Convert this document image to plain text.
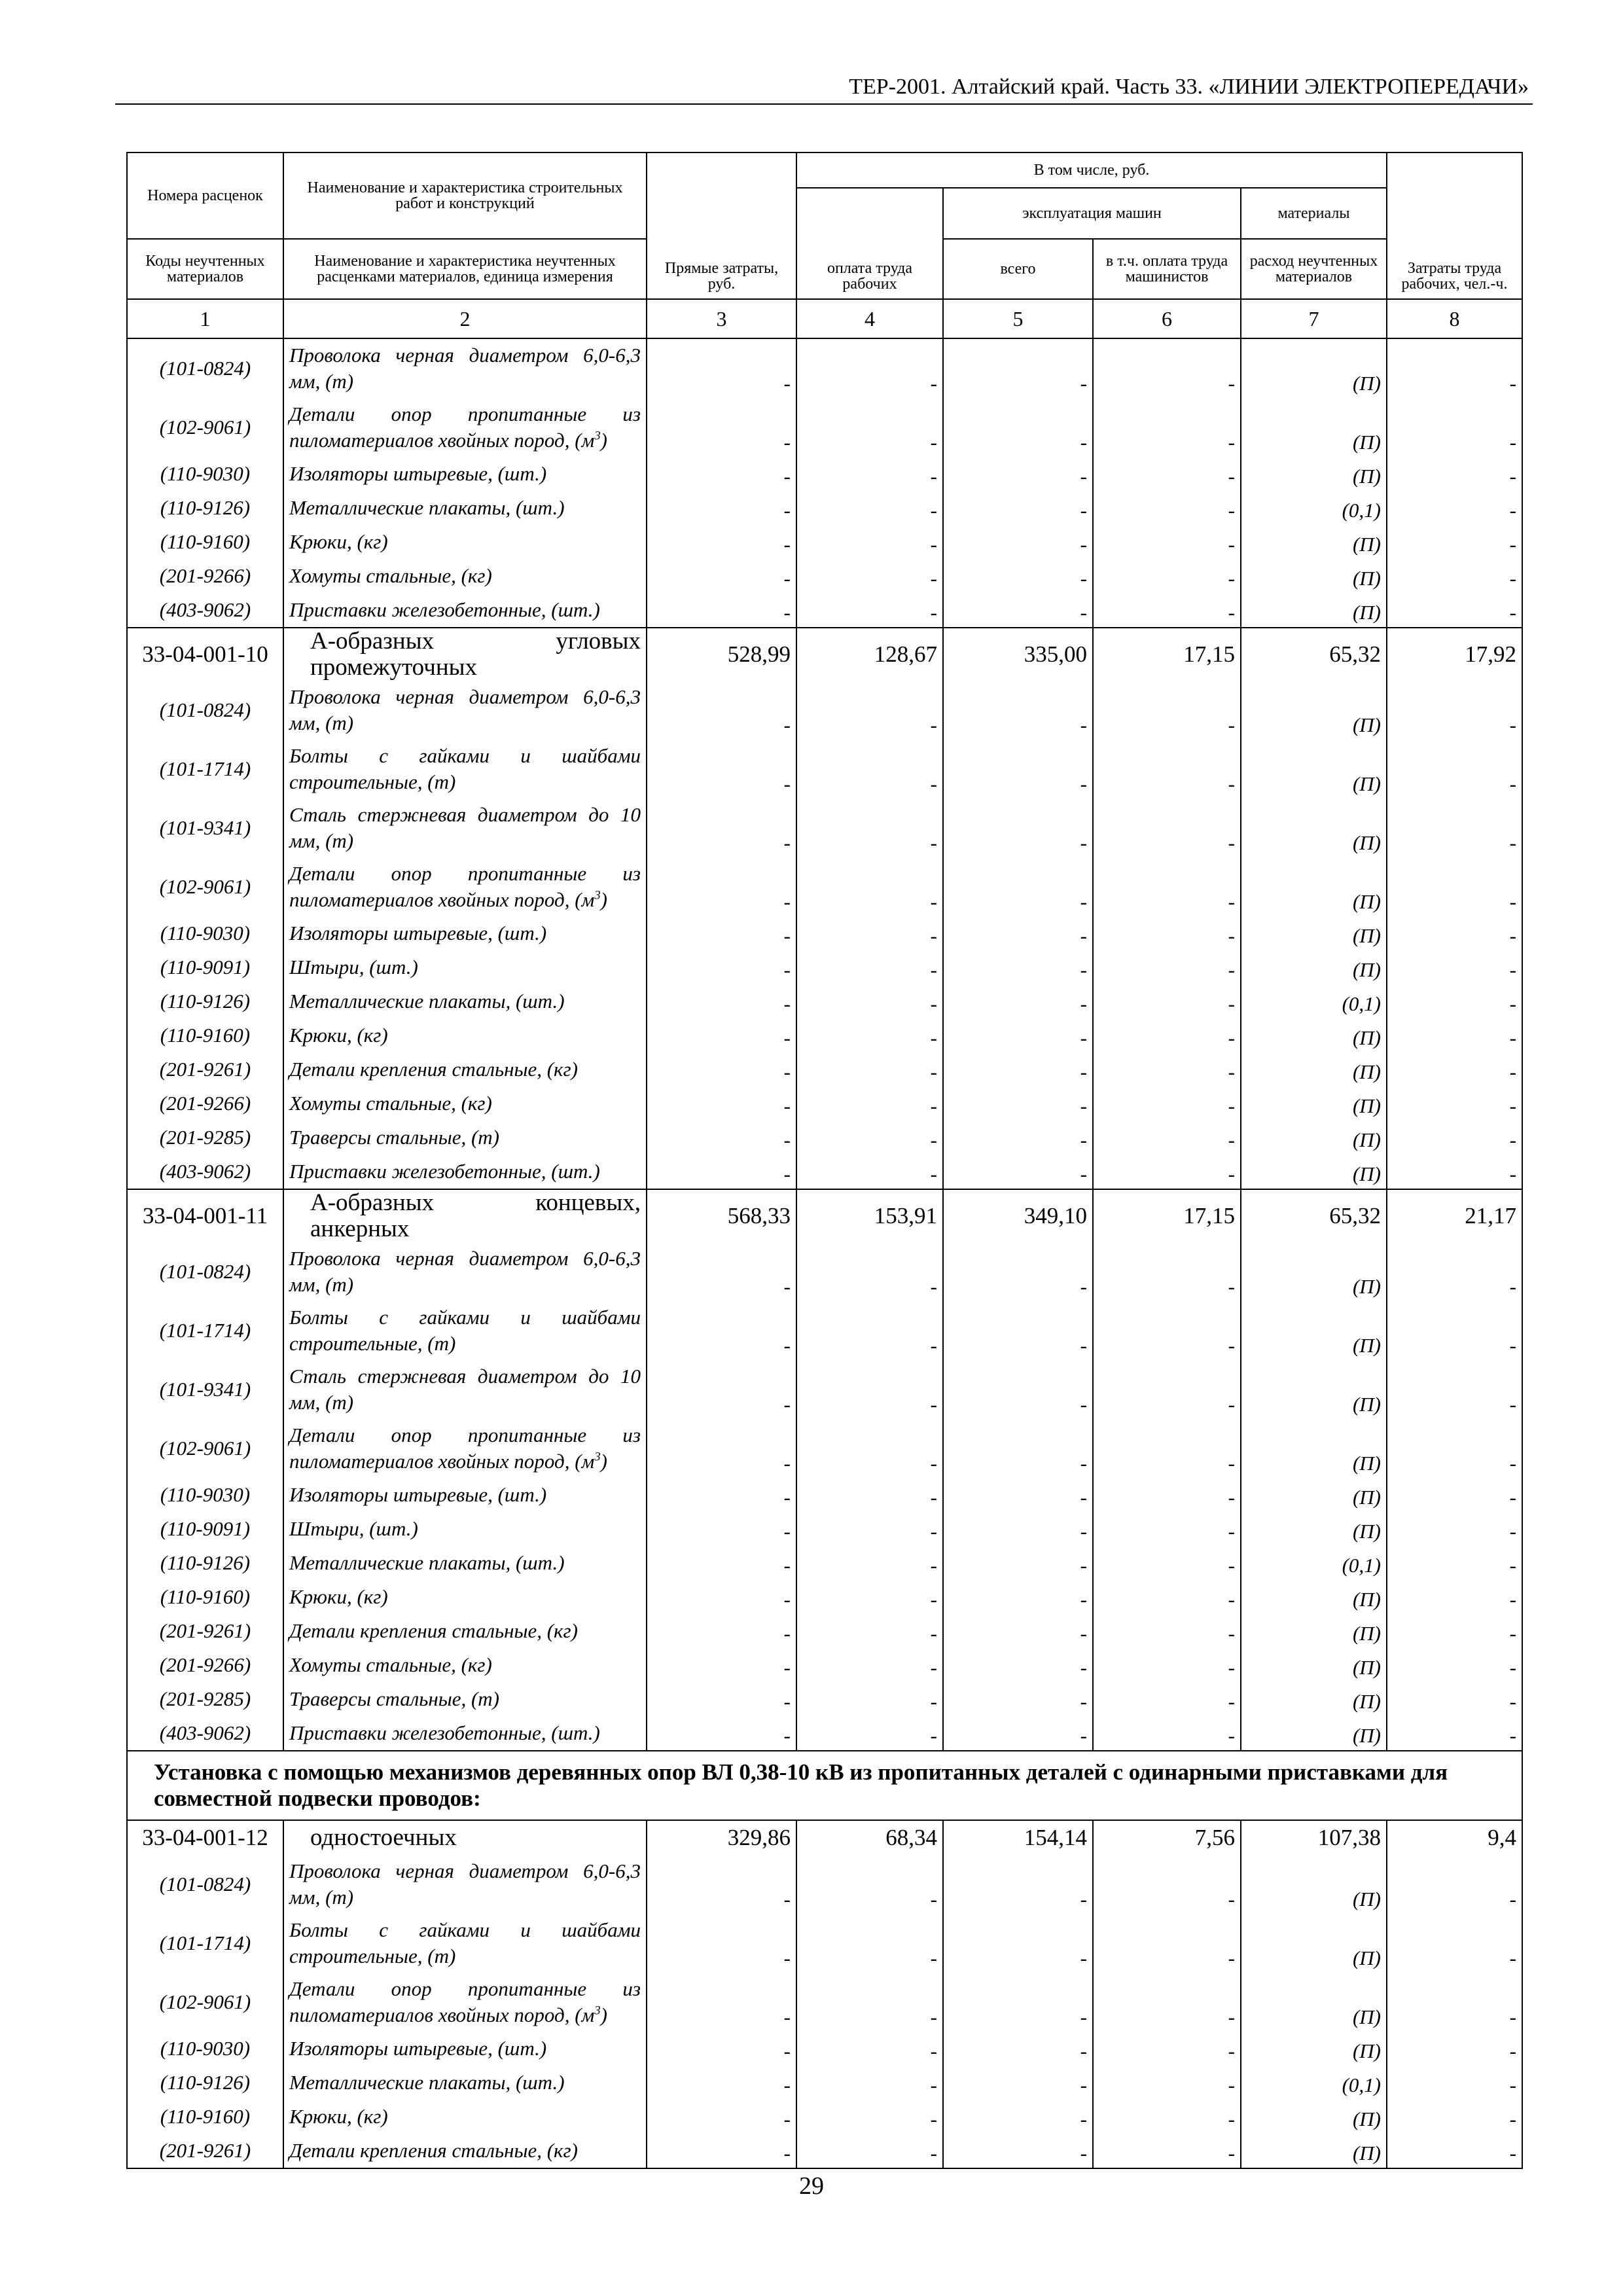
ТЕР-2001. Алтайский край. Часть 33. «ЛИНИИ ЭЛЕКТРОПЕРЕДАЧИ»
Номера расценок	Наименование и характеристика строительных работ и конструкций	Прямые затраты, руб.	В том числе, руб.				Затраты труда рабочих, чел.-ч.
			оплата труда рабочих	эксплуатация машин		материалы	
Коды неучтенных материалов	Наименование и характеристика неучтенных расценками материалов, единица измерения			всего	в т.ч. оплата труда машинистов	расход неучтенных материалов	
1	2	3	4	5	6	7	8
(101-0824)	Проволока черная диаметром 6,0-6,3 мм, (т)	-	-	-	-	(П)	-
(102-9061)	Детали опор пропитанные из пиломатериалов хвойных пород, $(м^3)$	-	-	-	-	(П)	-
(110-9030)	Изоляторы штыревые, (шт.)	-	-	-	-	(П)	-
(110-9126)	Металлические плакаты, (шт.)	-	-	-	-	(0,1)	-
(110-9160)	Крюки, (кг)	-	-	-	-	(П)	-
(201-9266)	Хомуты стальные, (кг)	-	-	-	-	(П)	-
(403-9062)	Приставки железобетонные, (шт.)	-	-	-	-	(П)	-
33-04-001-10	А-образных угловых промежуточных	528,99	128,67	335,00	17,15	65,32	17,92
(101-0824)	Проволока черная диаметром 6,0-6,3 мм, (т)	-	-	-	-	(П)	-
(101-1714)	Болты с гайками и шайбами строительные, (т)	-	-	-	-	(П)	-
(101-9341)	Сталь стержневая диаметром до 10 мм, (т)	-	-	-	-	(П)	-
(102-9061)	Детали опор пропитанные из пиломатериалов хвойных пород, $(м^3)$	-	-	-	-	(П)	-
(110-9030)	Изоляторы штыревые, (шт.)	-	-	-	-	(П)	-
(110-9091)	Штыри, (шт.)	-	-	-	-	(П)	-
(110-9126)	Металлические плакаты, (шт.)	-	-	-	-	(0,1)	-
(110-9160)	Крюки, (кг)	-	-	-	-	(П)	-
(201-9261)	Детали крепления стальные, (кг)	-	-	-	-	(П)	-
(201-9266)	Хомуты стальные, (кг)	-	-	-	-	(П)	-
(201-9285)	Траверсы стальные, (т)	-	-	-	-	(П)	-
(403-9062)	Приставки железобетонные, (шт.)	-	-	-	-	(П)	-
33-04-001-11	А-образных концевых, анкерных	568,33	153,91	349,10	17,15	65,32	21,17
(101-0824)	Проволока черная диаметром 6,0-6,3 мм, (т)	-	-	-	-	(П)	-
(101-1714)	Болты с гайками и шайбами строительные, (т)	-	-	-	-	(П)	-
(101-9341)	Сталь стержневая диаметром до 10 мм, (т)	-	-	-	-	(П)	-
(102-9061)	Детали опор пропитанные из пиломатериалов хвойных пород, $(м^3)$	-	-	-	-	(П)	-
(110-9030)	Изоляторы штыревые, (шт.)	-	-	-	-	(П)	-
(110-9091)	Штыри, (шт.)	-	-	-	-	(П)	-
(110-9126)	Металлические плакаты, (шт.)	-	-	-	-	(0,1)	-
(110-9160)	Крюки, (кг)	-	-	-	-	(П)	-
(201-9261)	Детали крепления стальные, (кг)	-	-	-	-	(П)	-
(201-9266)	Хомуты стальные, (кг)	-	-	-	-	(П)	-
(201-9285)	Траверсы стальные, (т)	-	-	-	-	(П)	-
(403-9062)	Приставки железобетонные, (шт.)	-	-	-	-	(П)	-
Установка с помощью механизмов деревянных опор ВЛ 0,38-10 кВ из пропитанных деталей с одинарными приставками для совместной подвески проводов:							
33-04-001-12	одностоечных	329,86	68,34	154,14	7,56	107,38	9,4
(101-0824)	Проволока черная диаметром 6,0-6,3 мм, (т)	-	-	-	-	(П)	-
(101-1714)	Болты с гайками и шайбами строительные, (т)	-	-	-	-	(П)	-
(102-9061)	Детали опор пропитанные из пиломатериалов хвойных пород, $(м^3)$	-	-	-	-	(П)	-
(110-9030)	Изоляторы штыревые, (шт.)	-	-	-	-	(П)	-
(110-9126)	Металлические плакаты, (шт.)	-	-	-	-	(0,1)	-
(110-9160)	Крюки, (кг)	-	-	-	-	(П)	-
(201-9261)	Детали крепления стальные, (кг)	-	-	-	-	(П)	-
29
